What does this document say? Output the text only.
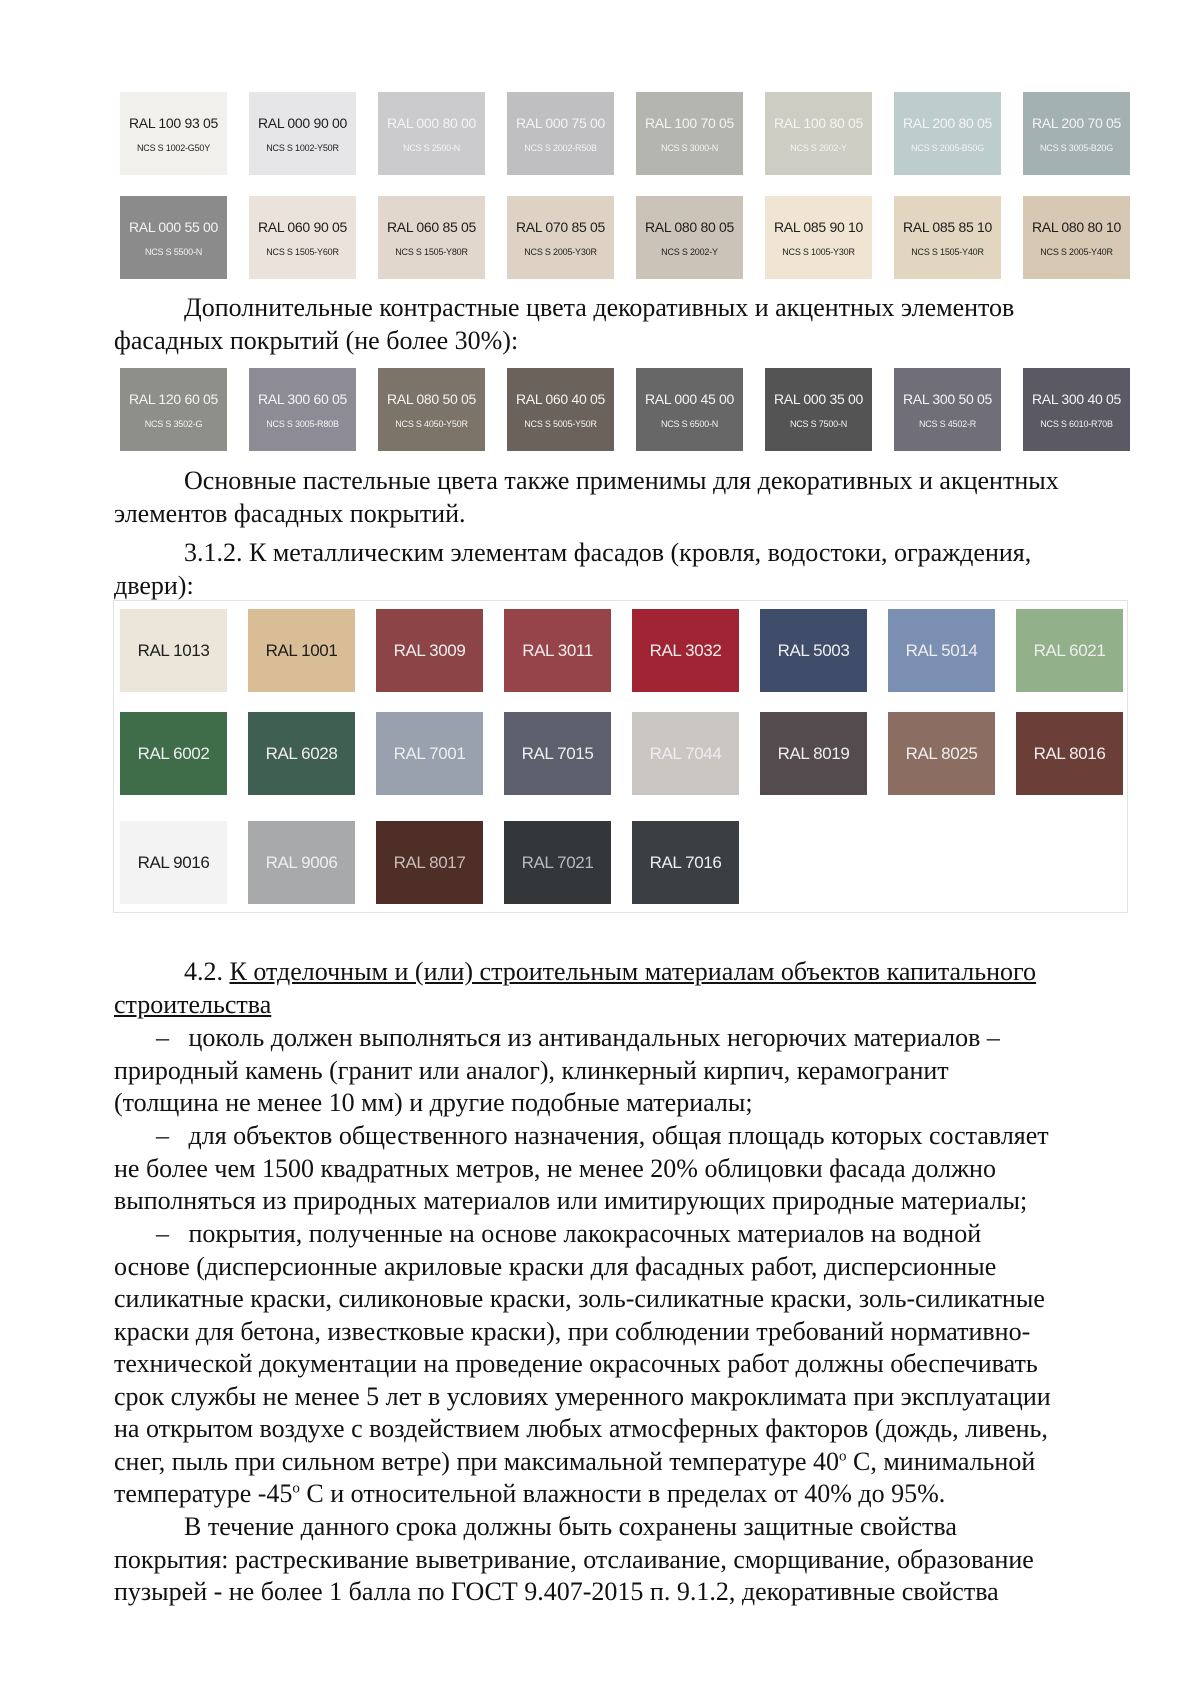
RAL 100 93 05
NCS S 1002-G50Y
RAL 000 90 00
NCS S 1002-Y50R
RAL 000 80 00
NCS S 2500-N
RAL 000 75 00
NCS S 2002-R50B
RAL 100 70 05
NCS S 3000-N
RAL 100 80 05
NCS S 2002-Y
RAL 200 80 05
NCS S 2005-B50G
RAL 200 70 05
NCS S 3005-B20G
RAL 000 55 00
NCS S 5500-N
RAL 060 90 05
NCS S 1505-Y60R
RAL 060 85 05
NCS S 1505-Y80R
RAL 070 85 05
NCS S 2005-Y30R
RAL 080 80 05
NCS S 2002-Y
RAL 085 90 10
NCS S 1005-Y30R
RAL 085 85 10
NCS S 1505-Y40R
RAL 080 80 10
NCS S 2005-Y40R

Дополнительные контрастные цвета декоративных и акцентных элементов
фасадных покрытий (не более 30%):

RAL 120 60 05
NCS S 3502-G
RAL 300 60 05
NCS S 3005-R80B
RAL 080 50 05
NCS S 4050-Y50R
RAL 060 40 05
NCS S 5005-Y50R
RAL 000 45 00
NCS S 6500-N
RAL 000 35 00
NCS S 7500-N
RAL 300 50 05
NCS S 4502-R
RAL 300 40 05
NCS S 6010-R70B

Основные пастельные цвета также применимы для декоративных и акцентных
элементов фасадных покрытий.

3.1.2. К металлическим элементам фасадов (кровля, водостоки, ограждения,
двери):

RAL 1013	RAL 1001	RAL 3009	RAL 3011	RAL 3032	RAL 5003	RAL 5014	RAL 6021
RAL 6002	RAL 6028	RAL 7001	RAL 7015	RAL 7044	RAL 8019	RAL 8025	RAL 8016
RAL 9016	RAL 9006	RAL 8017	RAL 7021	RAL 7016

4.2. К отделочным и (или) строительным материалам объектов капитального
строительства

– цоколь должен выполняться из антивандальных негорючих материалов –
природный камень (гранит или аналог), клинкерный кирпич, керамогранит
(толщина не менее 10 мм) и другие подобные материалы;

– для объектов общественного назначения, общая площадь которых составляет
не более чем 1500 квадратных метров, не менее 20% облицовки фасада должно
выполняться из природных материалов или имитирующих природные материалы;

– покрытия, полученные на основе лакокрасочных материалов на водной
основе (дисперсионные акриловые краски для фасадных работ, дисперсионные
силикатные краски, силиконовые краски, золь-силикатные краски, золь-силикатные
краски для бетона, известковые краски), при соблюдении требований нормативно-
технической документации на проведение окрасочных работ должны обеспечивать
срок службы не менее 5 лет в условиях умеренного макроклимата при эксплуатации
на открытом воздухе с воздействием любых атмосферных факторов (дождь, ливень,
снег, пыль при сильном ветре) при максимальной температуре $40^о$ С, минимальной
температуре $-45^о$ С и относительной влажности в пределах от 40% до 95%.

В течение данного срока должны быть сохранены защитные свойства
покрытия: растрескивание выветривание, отслаивание, сморщивание, образование
пузырей - не более 1 балла по ГОСТ 9.407-2015 п. 9.1.2, декоративные свойства
